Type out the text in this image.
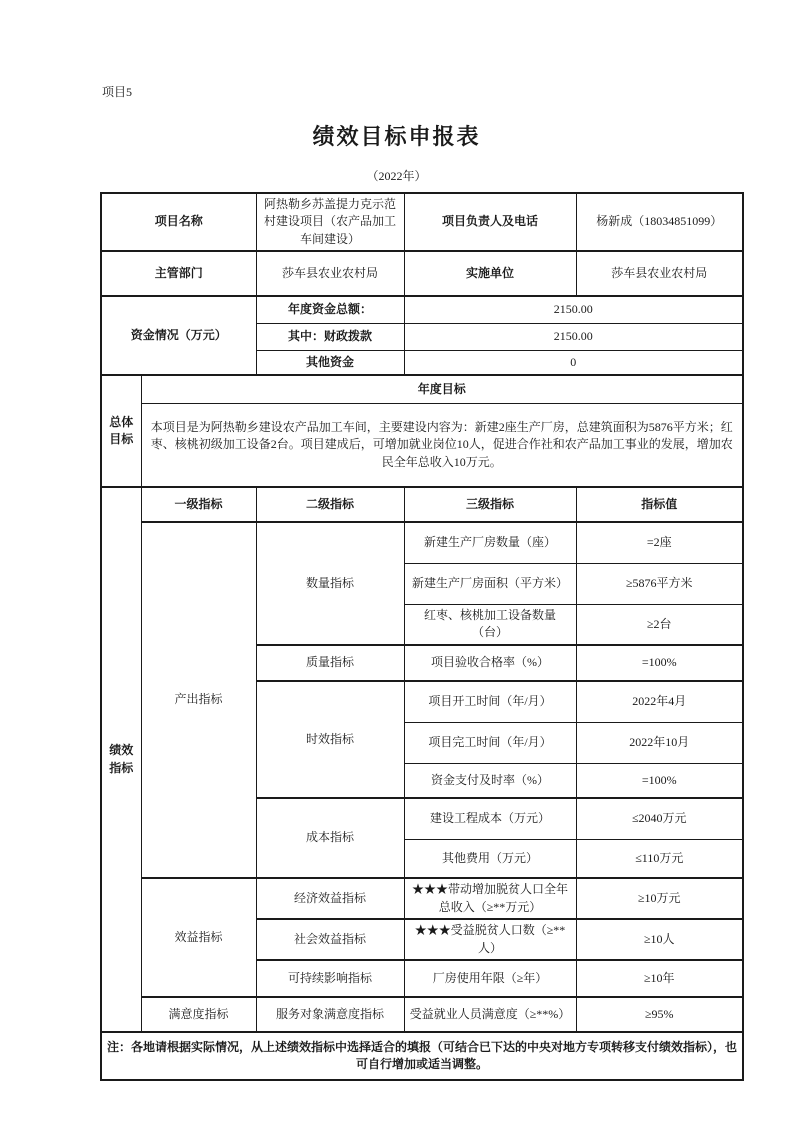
项目5
绩效目标申报表
（2022年）
项目名称		阿热勒乡苏盖提力克示范村建设项目（农产品加工车间建设）	项目负责人及电话	杨新成（18034851099）
主管部门		莎车县农业农村局	实施单位	莎车县农业农村局
资金情况（万元）		年度资金总额：	2150.00	
		其中：财政拨款	2150.00	
		其他资金	0	
总体目标	年度目标			
	本项目是为阿热勒乡建设农产品加工车间，主要建设内容为：新建2座生产厂房，总建筑面积为5876平方米；红枣、核桃初级加工设备2台。项目建成后，可增加就业岗位10人，促进合作社和农产品加工事业的发展，增加农民全年总收入10万元。			
绩效指标	一级指标	二级指标	三级指标	指标值
	产出指标	数量指标	新建生产厂房数量（座）	=2座
			新建生产厂房面积（平方米）	≥5876平方米
			红枣、核桃加工设备数量（台）	≥2台
		质量指标	项目验收合格率（%）	=100%
		时效指标	项目开工时间（年/月）	2022年4月
			项目完工时间（年/月）	2022年10月
			资金支付及时率（%）	=100%
		成本指标	建设工程成本（万元）	≤2040万元
			其他费用（万元）	≤110万元
	效益指标	经济效益指标	★★★带动增加脱贫人口全年总收入（≥**万元）	≥10万元
		社会效益指标	★★★受益脱贫人口数（≥**人）	≥10人
		可持续影响指标	厂房使用年限（≥年）	≥10年
	满意度指标	服务对象满意度指标	受益就业人员满意度（≥**%）	≥95%
注：各地请根据实际情况，从上述绩效指标中选择适合的填报（可结合已下达的中央对地方专项转移支付绩效指标），也可自行增加或适当调整。				
